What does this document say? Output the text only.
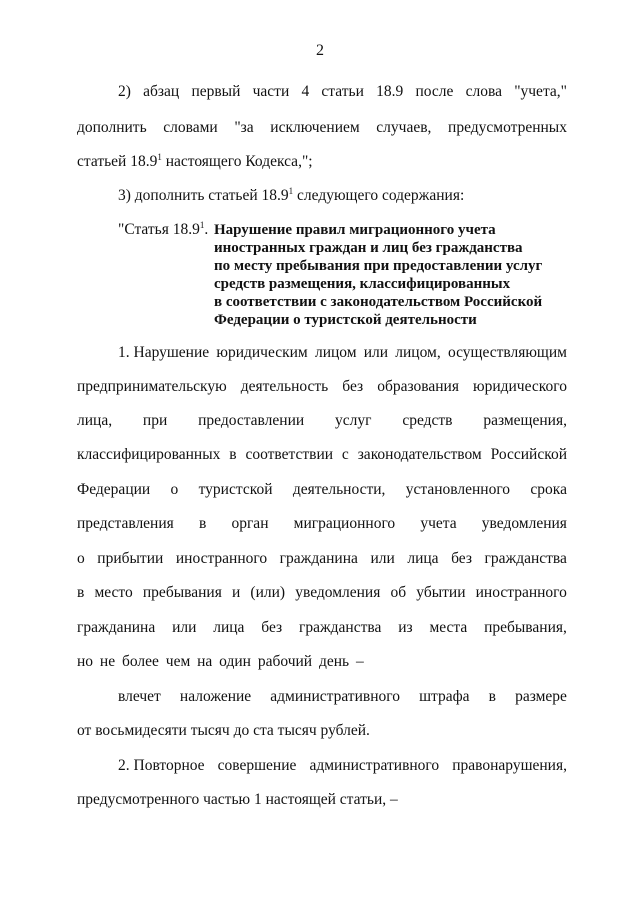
2
2) абзац первый части 4 статьи 18.9 после слова "учета,"
дополнить словами "за исключением случаев, предусмотренных
статьей 18.9$^1$ настоящего Кодекса,";
3) дополнить статьей 18.9$^1$ следующего содержания:
"Статья 18.9$^1$. Нарушение правил миграционного учета
иностранных граждан и лиц без гражданства
по месту пребывания при предоставлении услуг
средств размещения, классифицированных
в соответствии с законодательством Российской
Федерации о туристской деятельности
1. Нарушение юридическим лицом или лицом, осуществляющим
предпринимательскую деятельность без образования юридического
лица, при предоставлении услуг средств размещения,
классифицированных в соответствии с законодательством Российской
Федерации о туристской деятельности, установленного срока
представления в орган миграционного учета уведомления
о прибытии иностранного гражданина или лица без гражданства
в место пребывания и (или) уведомления об убытии иностранного
гражданина или лица без гражданства из места пребывания,
но не более чем на один рабочий день –
влечет наложение административного штрафа в размере
от восьмидесяти тысяч до ста тысяч рублей.
2. Повторное совершение административного правонарушения,
предусмотренного частью 1 настоящей статьи, –
